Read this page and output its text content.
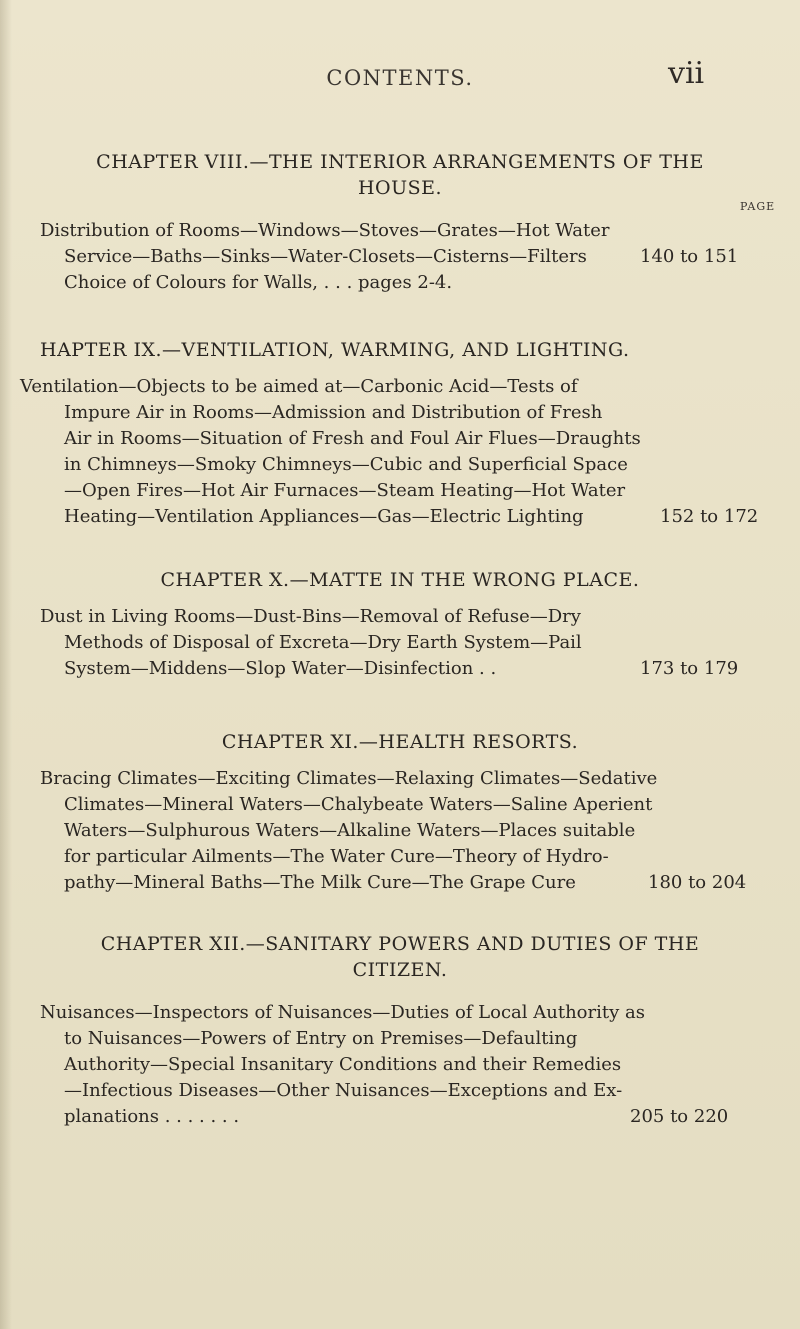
CONTENTS.	vii
CHAPTER VIII.—THE INTERIOR ARRANGEMENTS OF THE
HOUSE.
PAGE
Distribution of Rooms—Windows—Stoves—Grates—Hot Water
Service—Baths—Sinks—Water-Closets—Cisterns—Filters	140 to 151
Choice of Colours for Walls, . . . pages 2-4.
HAPTER IX.—VENTILATION, WARMING, AND LIGHTING.
Ventilation—Objects to be aimed at—Carbonic Acid—Tests of
Impure Air in Rooms—Admission and Distribution of Fresh
Air in Rooms—Situation of Fresh and Foul Air Flues—Draughts
in Chimneys—Smoky Chimneys—Cubic and Superficial Space
—Open Fires—Hot Air Furnaces—Steam Heating—Hot Water
Heating—Ventilation Appliances—Gas—Electric Lighting	152 to 172
CHAPTER X.—MATTE IN THE WRONG PLACE.
Dust in Living Rooms—Dust-Bins—Removal of Refuse—Dry
Methods of Disposal of Excreta—Dry Earth System—Pail
System—Middens—Slop Water—Disinfection . .	173 to 179
CHAPTER XI.—HEALTH RESORTS.
Bracing Climates—Exciting Climates—Relaxing Climates—Sedative
Climates—Mineral Waters—Chalybeate Waters—Saline Aperient
Waters—Sulphurous Waters—Alkaline Waters—Places suitable
for particular Ailments—The Water Cure—Theory of Hydro-
pathy—Mineral Baths—The Milk Cure—The Grape Cure	180 to 204
CHAPTER XII.—SANITARY POWERS AND DUTIES OF THE
CITIZEN.
Nuisances—Inspectors of Nuisances—Duties of Local Authority as
to Nuisances—Powers of Entry on Premises—Defaulting
Authority—Special Insanitary Conditions and their Remedies
—Infectious Diseases—Other Nuisances—Exceptions and Ex-
planations . . . . . . .	205 to 220
